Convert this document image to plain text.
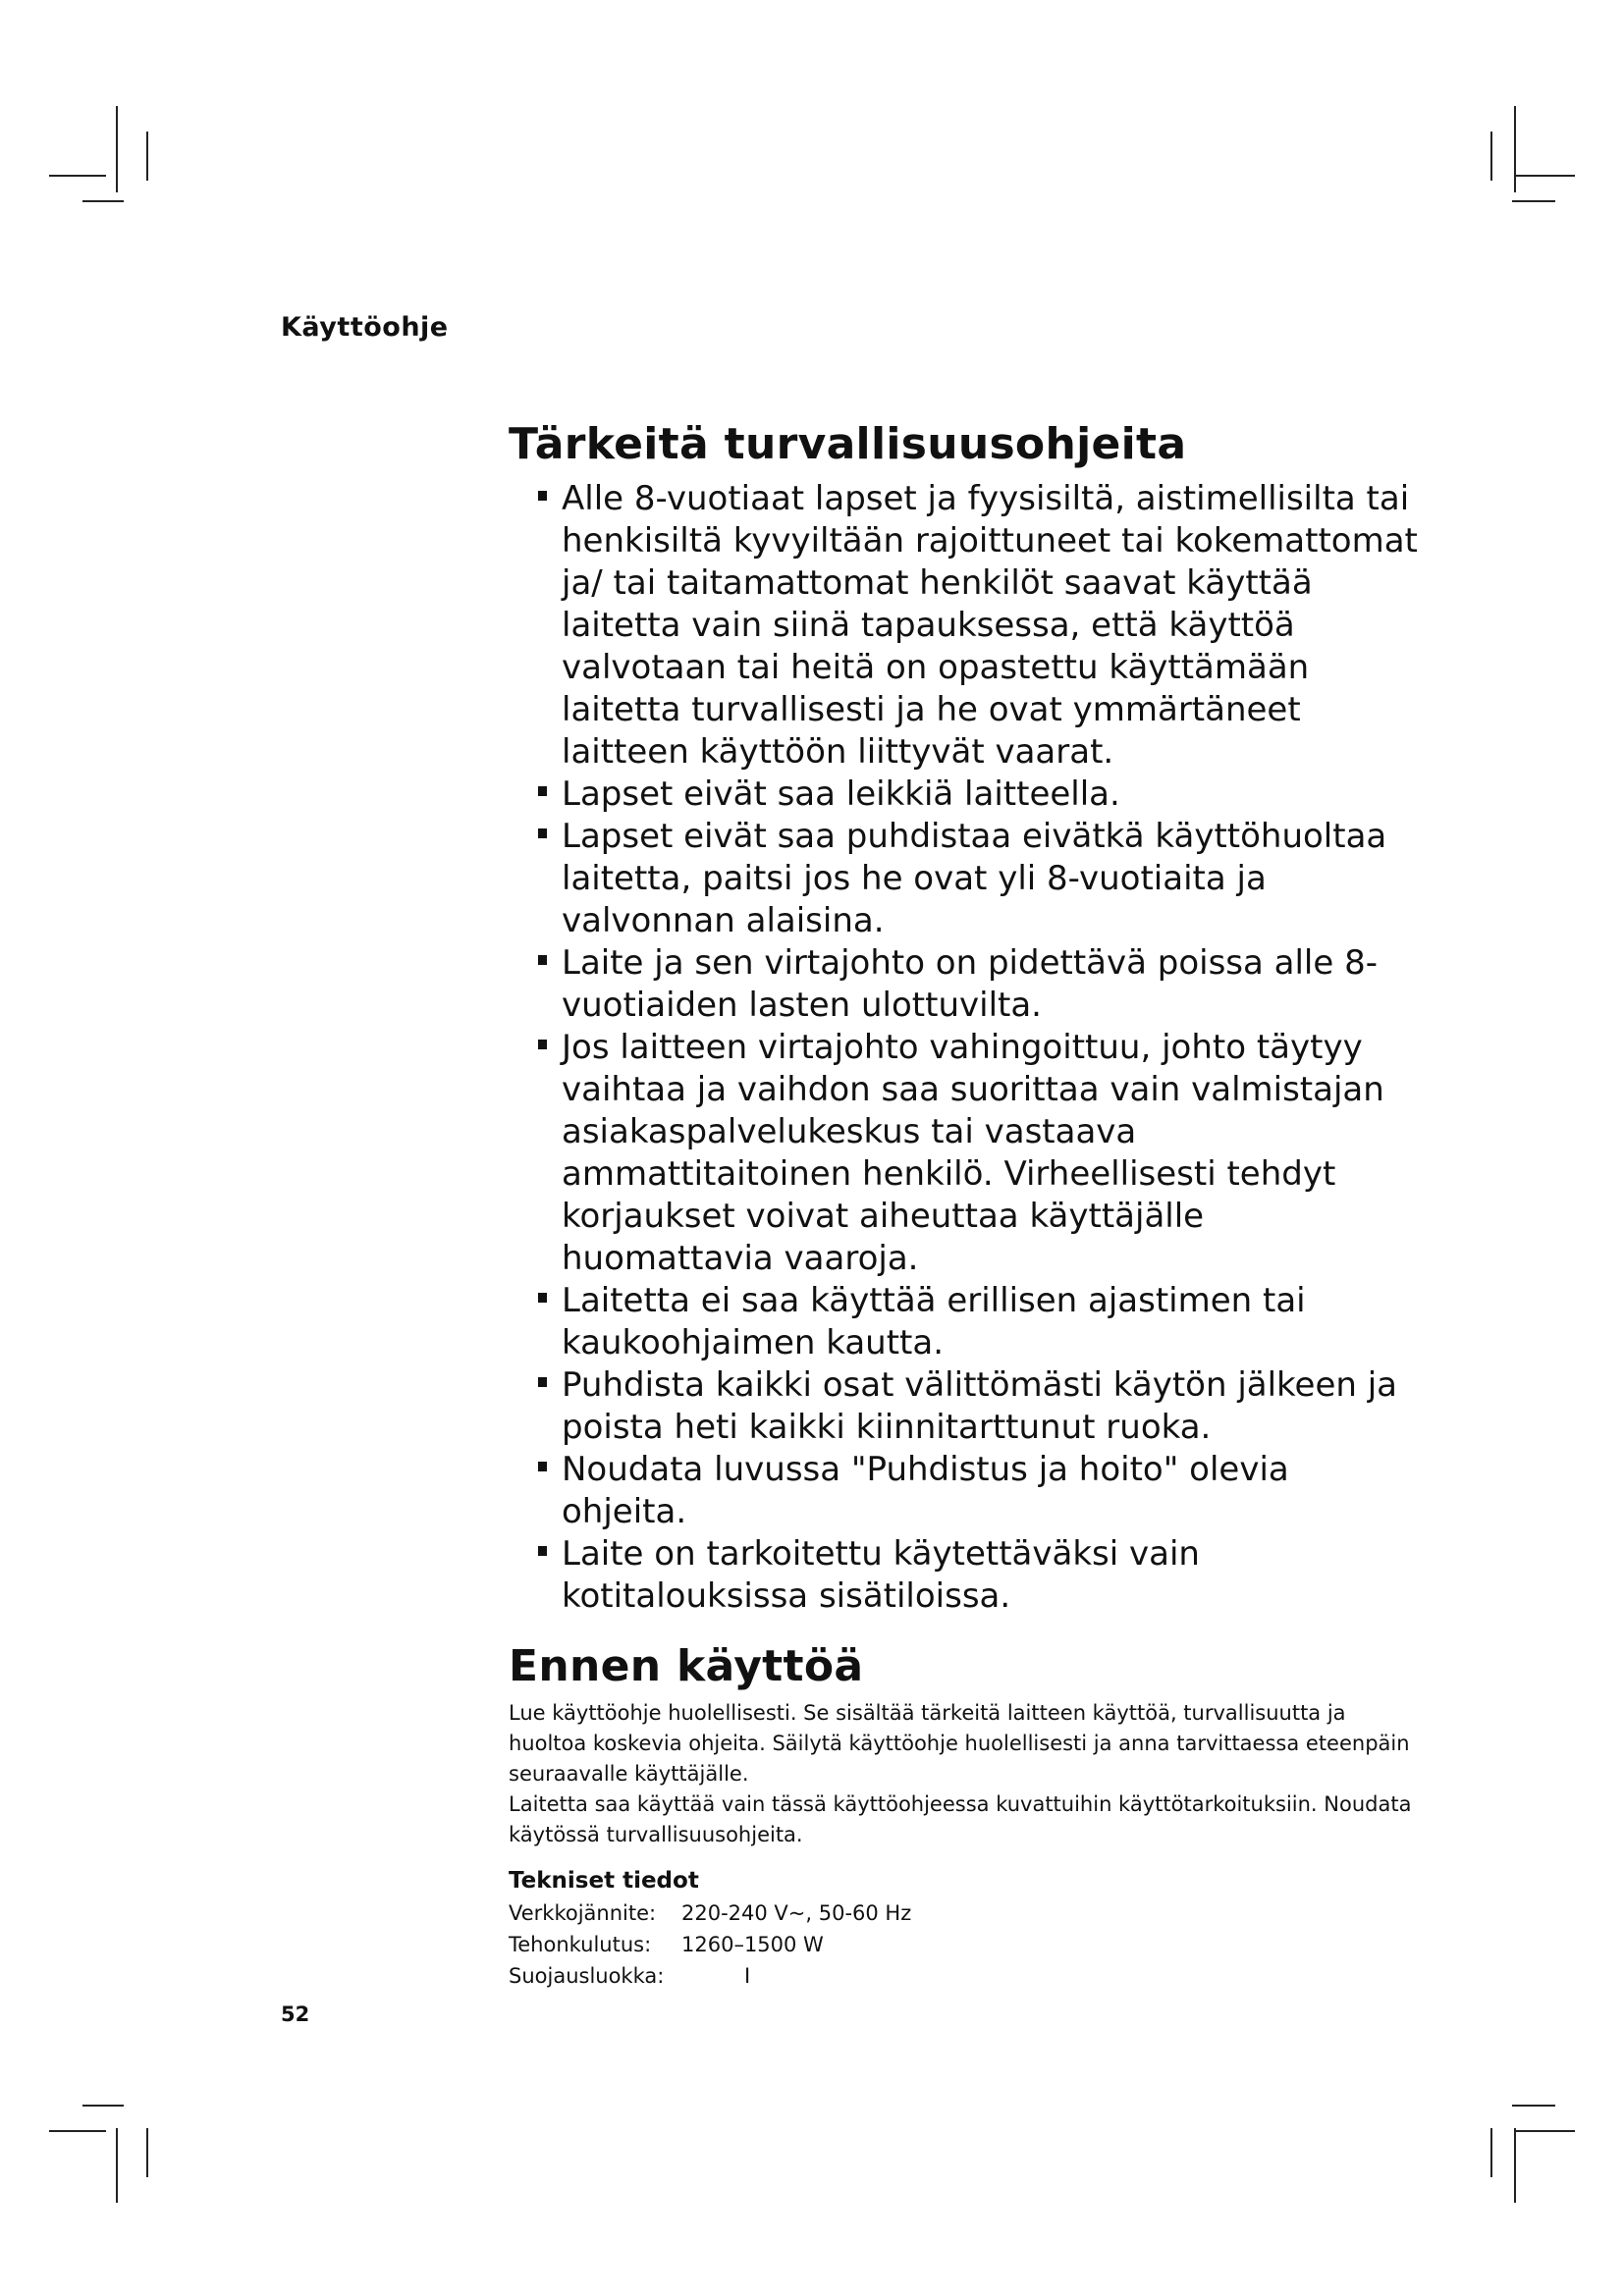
Käyttöohje
Tärkeitä turvallisuusohjeita
Alle 8-vuotiaat lapset ja fyysisiltä, aistimellisilta tai henkisiltä kyvyiltään rajoittuneet tai kokemattomat ja/ tai taitamattomat henkilöt saavat käyttää laitetta vain siinä tapauksessa, että käyttöä valvotaan tai heitä on opastettu käyttämään laitetta turvallisesti ja he ovat ymmärtäneet laitteen käyttöön liittyvät vaarat.
Lapset eivät saa leikkiä laitteella.
Lapset eivät saa puhdistaa eivätkä käyttöhuoltaa laitetta, paitsi jos he ovat yli 8-vuotiaita ja valvonnan alaisina.
Laite ja sen virtajohto on pidettävä poissa alle 8-vuotiaiden lasten ulottuvilta.
Jos laitteen virtajohto vahingoittuu, johto täytyy vaihtaa ja vaihdon saa suorittaa vain valmistajan asiakaspalvelukeskus tai vastaava ammattitaitoinen henkilö. Virheellisesti tehdyt korjaukset voivat aiheuttaa käyttäjälle huomattavia vaaroja.
Laitetta ei saa käyttää erillisen ajastimen tai kaukoohjaimen kautta.
Puhdista kaikki osat välittömästi käytön jälkeen ja poista heti kaikki kiinnitarttunut ruoka.
Noudata luvussa "Puhdistus ja hoito" olevia ohjeita.
Laite on tarkoitettu käytettäväksi vain kotitalouksissa sisätiloissa.
Ennen käyttöä

Lue käyttöohje huolellisesti. Se sisältää tärkeitä laitteen käyttöä, turvallisuutta ja huoltoa koskevia ohjeita. Säilytä käyttöohje huolellisesti ja anna tarvittaessa eteenpäin seuraavalle käyttäjälle.

Laitetta saa käyttää vain tässä käyttöohjeessa kuvattuihin käyttötarkoituksiin. Noudata käytössä turvallisuusohjeita.

Tekniset tiedot
Verkkojännite: 220-240 V~, 50-60 Hz
Tehonkulutus: 1260–1500 W
Suojausluokka:	I
52
